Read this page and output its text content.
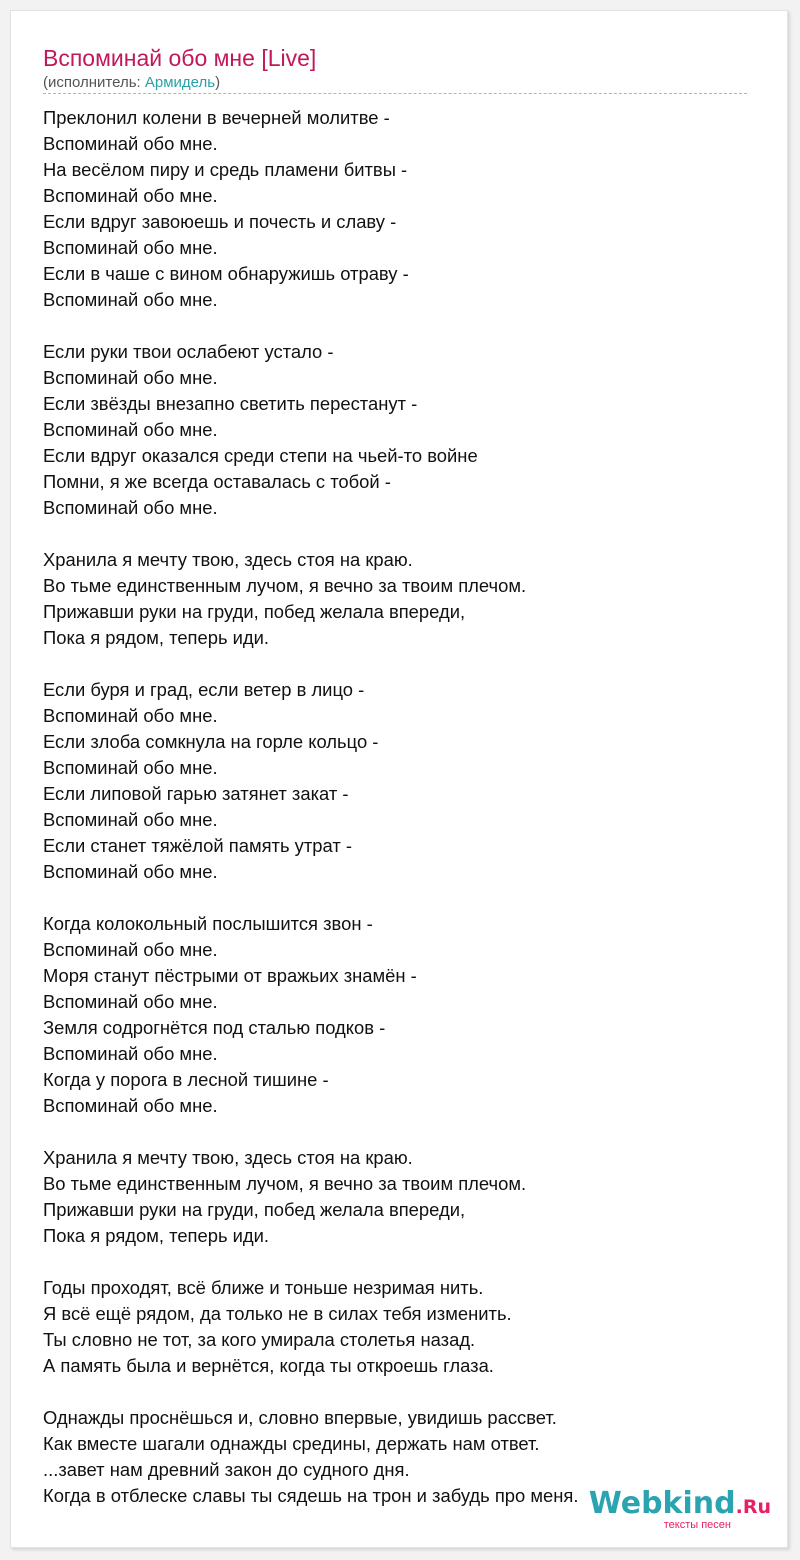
Вспоминай обо мне [Live]
(исполнитель: Армидель)
Преклонил колени в вечерней молитве -
Вспоминай обо мне.
На весёлом пиру и средь пламени битвы -
Вспоминай обо мне.
Если вдруг завоюешь и почесть и славу -
Вспоминай обо мне.
Если в чаше с вином обнаружишь отраву -
Вспоминай обо мне.
Если руки твои ослабеют устало -
Вспоминай обо мне.
Если звёзды внезапно светить перестанут -
Вспоминай обо мне.
Если вдруг оказался среди степи на чьей-то войне
Помни, я же всегда оставалась с тобой -
Вспоминай обо мне.
Хранила я мечту твою, здесь стоя на краю.
Во тьме единственным лучом, я вечно за твоим плечом.
Прижавши руки на груди, побед желала впереди,
Пока я рядом, теперь иди.
Если буря и град, если ветер в лицо -
Вспоминай обо мне.
Если злоба сомкнула на горле кольцо -
Вспоминай обо мне.
Если липовой гарью затянет закат -
Вспоминай обо мне.
Если станет тяжёлой память утрат -
Вспоминай обо мне.
Когда колокольный послышится звон -
Вспоминай обо мне.
Моря станут пёстрыми от вражьих знамён -
Вспоминай обо мне.
Земля содрогнётся под сталью подков -
Вспоминай обо мне.
Когда у порога в лесной тишине -
Вспоминай обо мне.
Хранила я мечту твою, здесь стоя на краю.
Во тьме единственным лучом, я вечно за твоим плечом.
Прижавши руки на груди, побед желала впереди,
Пока я рядом, теперь иди.
Годы проходят, всё ближе и тоньше незримая нить.
Я всё ещё рядом, да только не в силах тебя изменить.
Ты словно не тот, за кого умирала столетья назад.
А память была и вернётся, когда ты откроешь глаза.
Однажды проснёшься и, словно впервые, увидишь рассвет.
Как вместе шагали однажды средины, держать нам ответ.
...завет нам древний закон до судного дня.
Когда в отблеске славы ты сядешь на трон и забудь про меня. Webkind.Ru
тексты песен
